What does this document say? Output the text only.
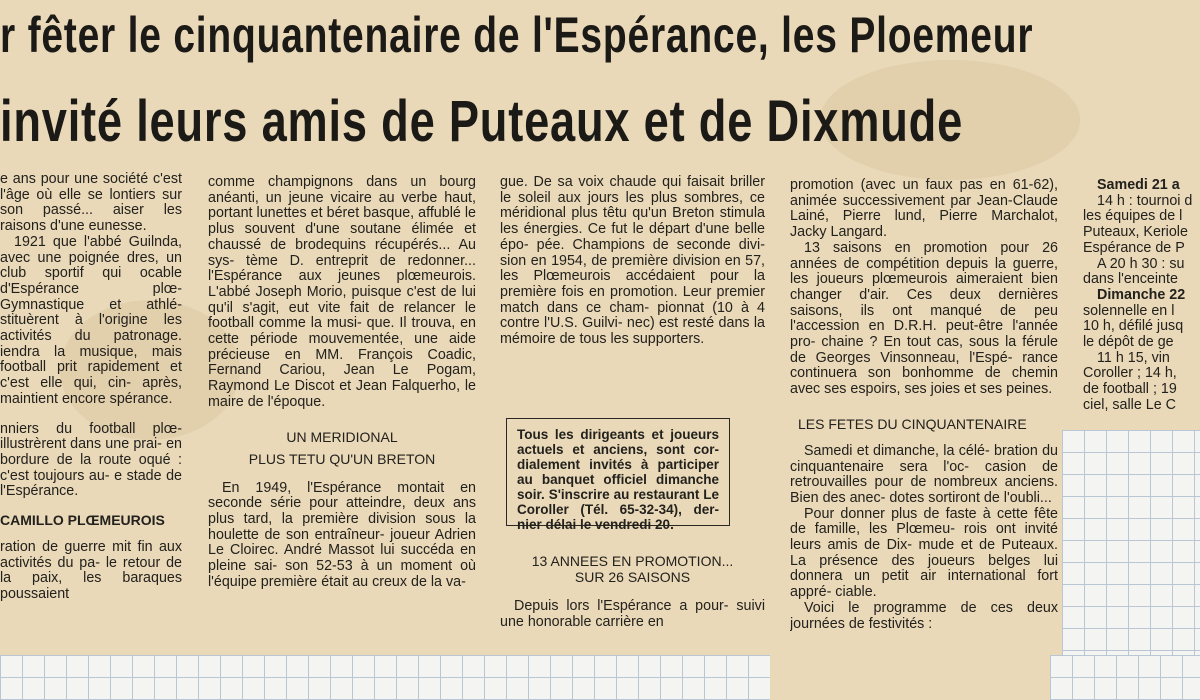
r fêter le cinquantenaire de l'Espérance, les Ploemeur
invité leurs amis de Puteaux et de Dixmude

e ans pour une société c'est l'âge où elle se lontiers sur son passé... aiser les raisons d'une eunesse.

1921 que l'abbé Guilnda, avec une poignée dres, un club sportif qui ocable d'Espérance plœ- Gymnastique et athlé- stituèrent à l'origine les activités du patronage. iendra la musique, mais football prit rapidement et c'est elle qui, cin- après, maintient encore spérance.

nniers du football plœ- illustrèrent dans une prai- en bordure de la route oqué : c'est toujours au- e stade de l'Espérance.

CAMILLO PLŒMEUROIS

ration de guerre mit fin aux activités du pa- le retour de la paix, les baraques poussaient

comme champignons dans un bourg anéanti, un jeune vicaire au verbe haut, portant lunettes et béret basque, affublé le plus souvent d'une soutane élimée et chaussé de brodequins récupérés... Au sys- tème D. entreprit de redonner... l'Espérance aux jeunes plœmeurois. L'abbé Joseph Morio, puisque c'est de lui qu'il s'agit, eut vite fait de relancer le football comme la musi- que. Il trouva, en cette période mouvementée, une aide précieuse en MM. François Coadic, Fernand Cariou, Jean Le Pogam, Raymond Le Discot et Jean Falquerho, le maire de l'époque.

UN MERIDIONAL
PLUS TETU QU'UN BRETON

En 1949, l'Espérance montait en seconde série pour atteindre, deux ans plus tard, la première division sous la houlette de son entraîneur- joueur Adrien Le Cloirec. André Massot lui succéda en pleine sai- son 52-53 à un moment où l'équipe première était au creux de la va-

gue. De sa voix chaude qui faisait briller le soleil aux jours les plus sombres, ce méridional plus têtu qu'un Breton stimula les énergies. Ce fut le départ d'une belle épo- pée. Champions de seconde divi- sion en 1954, de première division en 57, les Plœmeurois accédaient pour la première fois en promotion. Leur premier match dans ce cham- pionnat (10 à 4 contre l'U.S. Guilvi- nec) est resté dans la mémoire de tous les supporters.

Tous les dirigeants et joueurs actuels et anciens, sont cor- dialement invités à participer au banquet officiel dimanche soir. S'inscrire au restaurant Le Coroller (Tél. 65-32-34), der- nier délai le vendredi 20.
13 ANNEES EN PROMOTION...
SUR 26 SAISONS

Depuis lors l'Espérance a pour- suivi une honorable carrière en

promotion (avec un faux pas en 61-62), animée successivement par Jean-Claude Lainé, Pierre lund, Pierre Marchalot, Jacky Langard.

13 saisons en promotion pour 26 années de compétition depuis la guerre, les joueurs plœmeurois aimeraient bien changer d'air. Ces deux dernières saisons, ils ont manqué de peu l'accession en D.R.H. peut-être l'année pro- chaine ? En tout cas, sous la férule de Georges Vinsonneau, l'Espé- rance continuera son bonhomme de chemin avec ses espoirs, ses joies et ses peines.

LES FETES DU CINQUANTENAIRE

Samedi et dimanche, la célé- bration du cinquantenaire sera l'oc- casion de retrouvailles pour de nombreux anciens. Bien des anec- dotes sortiront de l'oubli...

Pour donner plus de faste à cette fête de famille, les Plœmeu- rois ont invité leurs amis de Dix- mude et de Puteaux. La présence des joueurs belges lui donnera un petit air international fort appré- ciable.

Voici le programme de ces deux journées de festivités :

Samedi 21 a
14 h : tournoi d
les équipes de l
Puteaux, Keriole
Espérance de P
A 20 h 30 : su
dans l'enceinte
Dimanche 22
solennelle en l
10 h, défilé jusq
le dépôt de ge
11 h 15, vin
Coroller ; 14 h,
de football ; 19
ciel, salle Le C
